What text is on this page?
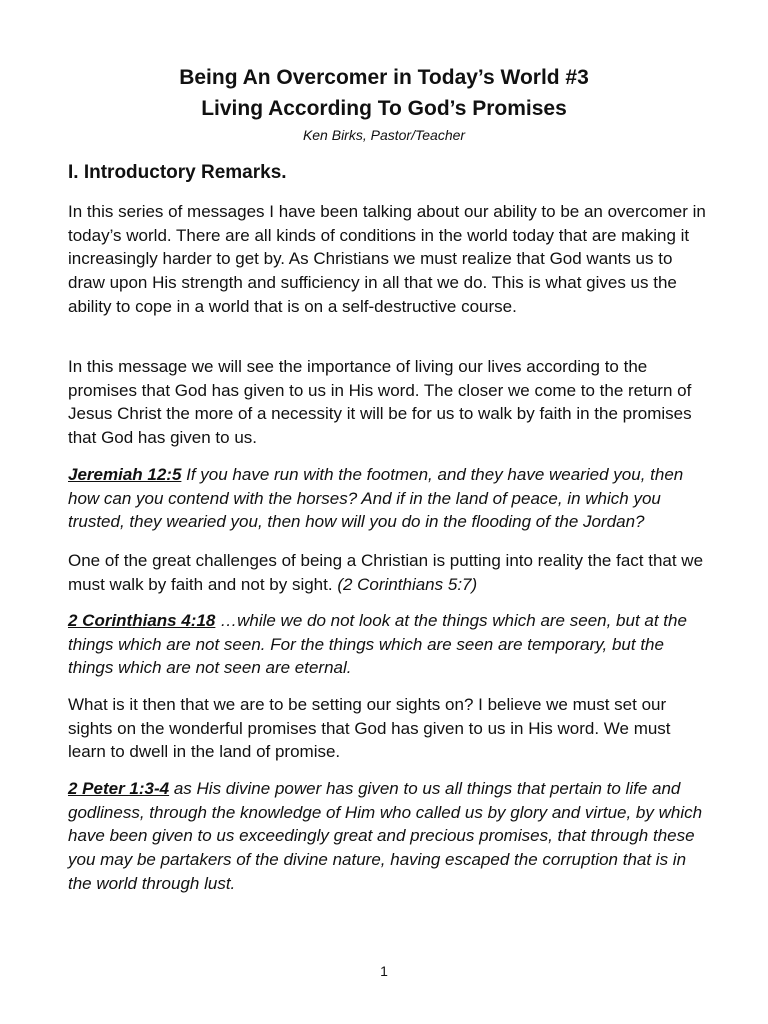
Being An Overcomer in Today’s World #3
Living According To God’s Promises

Ken Birks, Pastor/Teacher

I. Introductory Remarks.

In this series of messages I have been talking about our ability to be an overcomer in today’s world. There are all kinds of conditions in the world today that are making it increasingly harder to get by. As Christians we must realize that God wants us to draw upon His strength and sufficiency in all that we do. This is what gives us the ability to cope in a world that is on a self-destructive course.

In this message we will see the importance of living our lives according to the promises that God has given to us in His word. The closer we come to the return of Jesus Christ the more of a necessity it will be for us to walk by faith in the promises that God has given to us.

Jeremiah 12:5 If you have run with the footmen, and they have wearied you, then how can you contend with the horses? And if in the land of peace, in which you trusted, they wearied you, then how will you do in the flooding of the Jordan?

One of the great challenges of being a Christian is putting into reality the fact that we must walk by faith and not by sight. (2 Corinthians 5:7)

2 Corinthians 4:18 …while we do not look at the things which are seen, but at the things which are not seen. For the things which are seen are temporary, but the things which are not seen are eternal.

What is it then that we are to be setting our sights on? I believe we must set our sights on the wonderful promises that God has given to us in His word. We must learn to dwell in the land of promise.

2 Peter 1:3-4 as His divine power has given to us all things that pertain to life and godliness, through the knowledge of Him who called us by glory and virtue, by which have been given to us exceedingly great and precious promises, that through these you may be partakers of the divine nature, having escaped the corruption that is in the world through lust.

1
